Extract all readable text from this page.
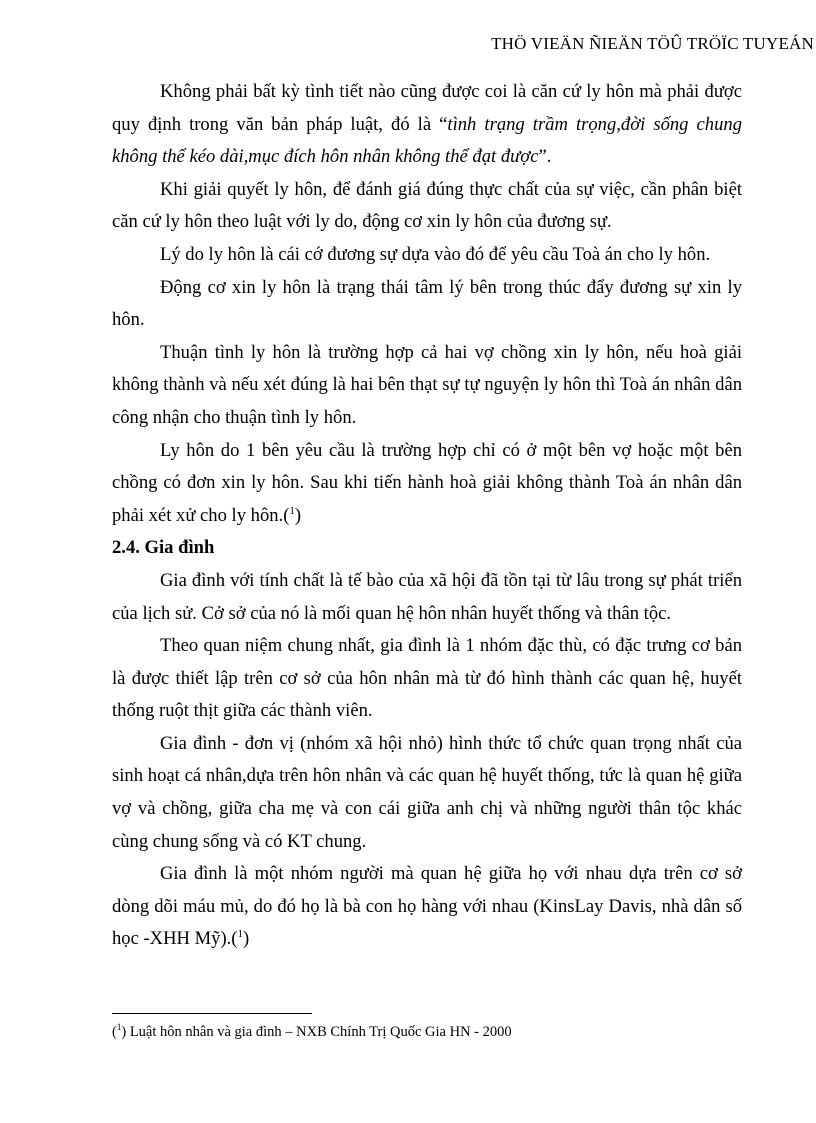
THÖ VIEÄN ÑIEÄN TÖÛ TRÖÏC TUYEÁN

Không phải bất kỳ tình tiết nào cũng được coi là căn cứ ly hôn mà phải được quy định trong văn bản pháp luật, đó là “tình trạng trầm trọng,đời sống chung không thể kéo dài,mục đích hôn nhân không thể đạt được”.

Khi giải quyết ly hôn, để đánh giá đúng thực chất của sự việc, cần phân biệt căn cứ ly hôn theo luật với ly do, động cơ xin ly hôn của đương sự.

Lý do ly hôn là cái cớ đương sự dựa vào đó để yêu cầu Toà án cho ly hôn.

Động cơ xin ly hôn là trạng thái tâm lý bên trong thúc đẩy đương sự xin ly hôn.

Thuận tình ly hôn là trường hợp cả hai vợ chồng xin ly hôn, nếu hoà giải không thành và nếu xét đúng là hai bên thạt sự tự nguyện ly hôn thì Toà án nhân dân công nhận cho thuận tình ly hôn.

Ly hôn do 1 bên yêu cầu là trường hợp chỉ có ở một bên vợ hoặc một bên chồng có đơn xin ly hôn. Sau khi tiến hành hoà giải không thành Toà án nhân dân phải xét xử cho ly hôn.($^1$)

2.4. Gia đình

Gia đình với tính chất là tế bào của xã hội đã tồn tại từ lâu trong sự phát triển của lịch sử. Cở sở của nó là mối quan hệ hôn nhân huyết thống và thân tộc.

Theo quan niệm chung nhất, gia đình là 1 nhóm đặc thù, có đặc trưng cơ bản là được thiết lập trên cơ sở của hôn nhân mà từ đó hình thành các quan hệ, huyết thống ruột thịt giữa các thành viên.

Gia đình - đơn vị (nhóm xã hội nhỏ) hình thức tổ chức quan trọng nhất của sinh hoạt cá nhân,dựa trên hôn nhân và các quan hệ huyết thống, tức là quan hệ giữa vợ và chồng, giữa cha mẹ và con cái giữa anh chị và những người thân tộc khác cùng chung sống và có KT chung.

Gia đình là một nhóm người mà quan hệ giữa họ với nhau dựa trên cơ sở dòng dõi máu mủ, do đó họ là bà con họ hàng với nhau (KinsLay Davis, nhà dân số học -XHH Mỹ).($^1$)

($^1$) Luật hôn nhân và gia đình – NXB Chính Trị Quốc Gia HN - 2000
